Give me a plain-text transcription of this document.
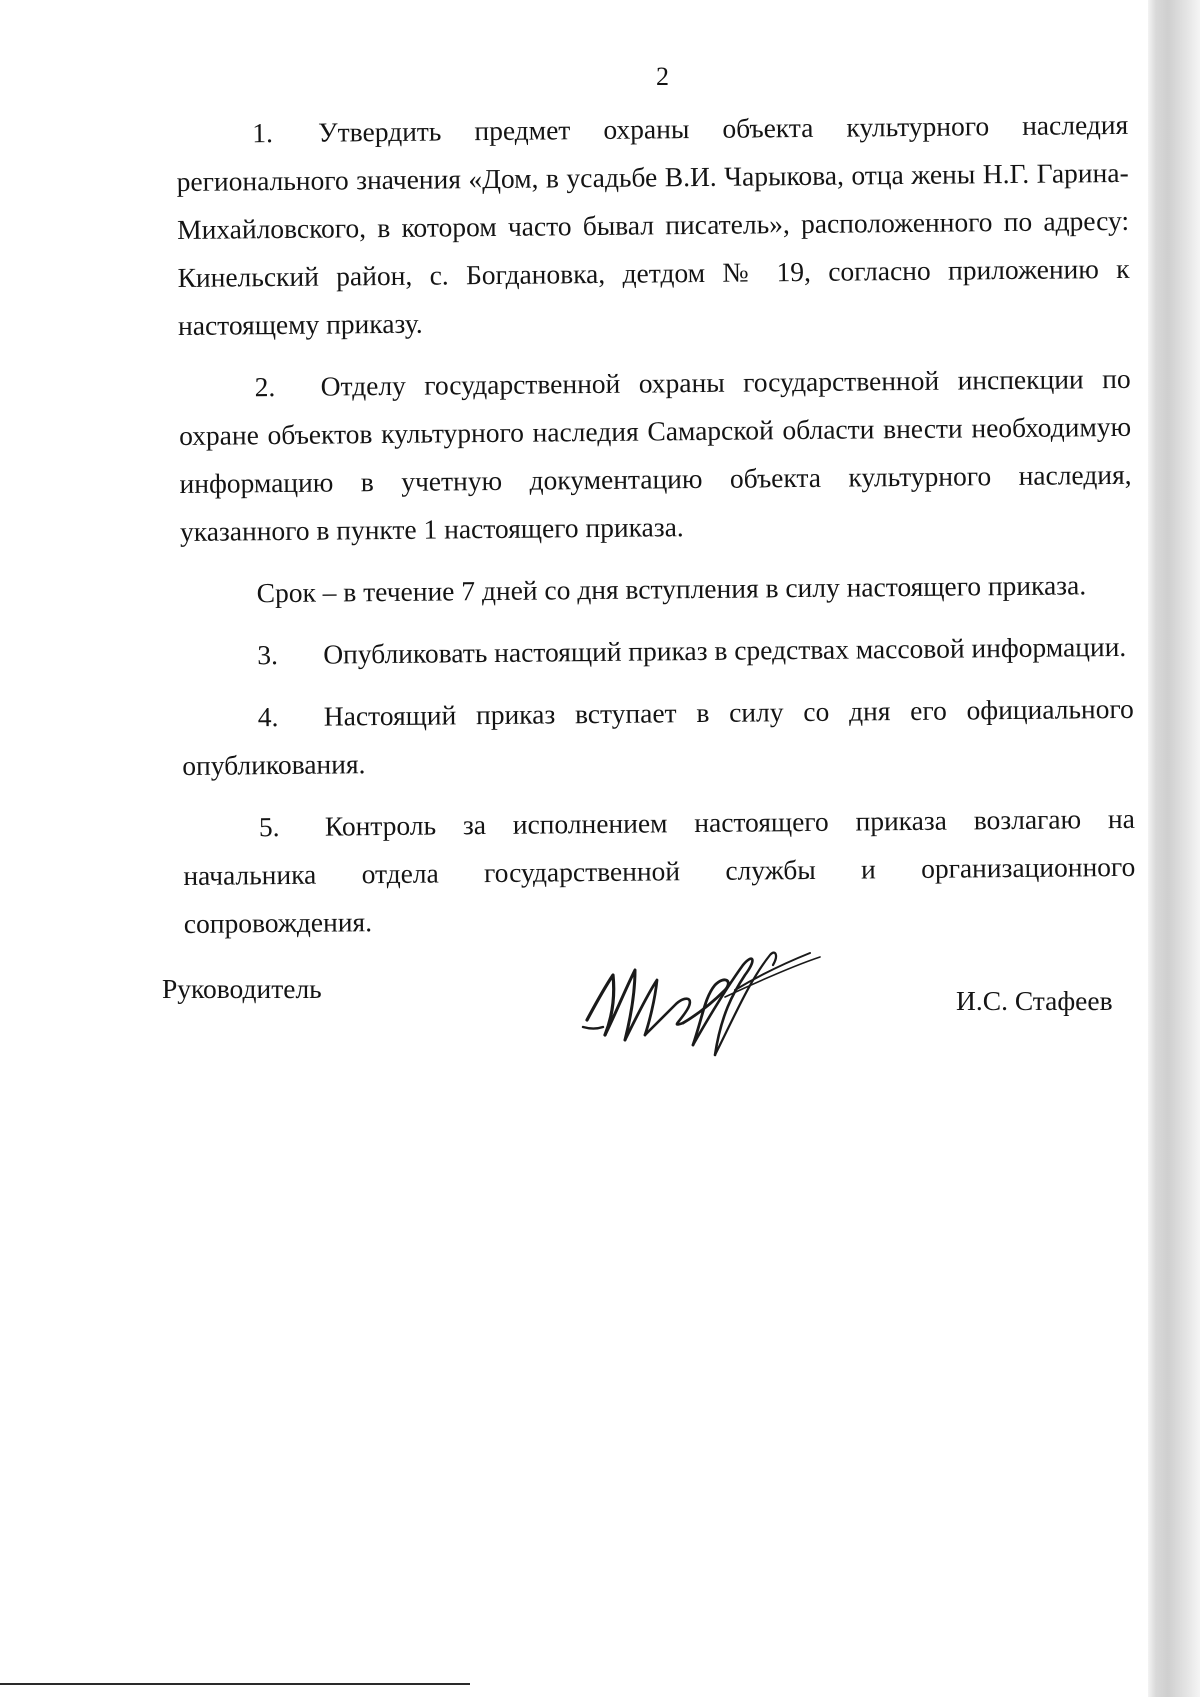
2

1. Утвердить предмет охраны объекта культурного наследия регионального значения «Дом, в усадьбе В.И. Чарыкова, отца жены Н.Г. Гарина-Михайловского, в котором часто бывал писатель», расположенного по адресу: Кинельский район, с. Богдановка, детдом № 19, согласно приложению к настоящему приказу.

2. Отделу государственной охраны государственной инспекции по охране объектов культурного наследия Самарской области внести необходимую информацию в учетную документацию объекта культурного наследия, указанного в пункте 1 настоящего приказа.

Срок – в течение 7 дней со дня вступления в силу настоящего приказа.

3. Опубликовать настоящий приказ в средствах массовой информации.

4. Настоящий приказ вступает в силу со дня его официального опубликования.

5. Контроль за исполнением настоящего приказа возлагаю на начальника отдела государственной службы и организационного сопровождения.

Руководитель	И.С. Стафеев
